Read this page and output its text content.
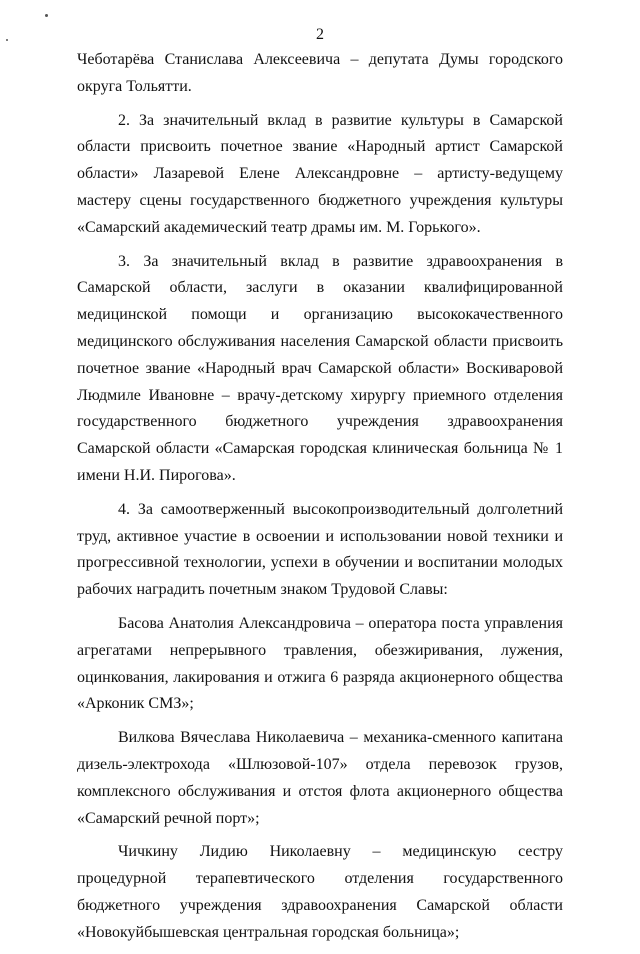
2

Чеботарёва Станислава Алексеевича – депутата Думы городского округа Тольятти.

2. За значительный вклад в развитие культуры в Самарской области присвоить почетное звание «Народный артист Самарской области» Лазаревой Елене Александровне – артисту-ведущему мастеру сцены государственного бюджетного учреждения культуры «Самарский академический театр драмы им. М. Горького».

3. За значительный вклад в развитие здравоохранения в Самарской области, заслуги в оказании квалифицированной медицинской помощи и организацию высококачественного медицинского обслуживания населения Самарской области присвоить почетное звание «Народный врач Самарской области» Воскиваровой Людмиле Ивановне – врачу-детскому хирургу приемного отделения государственного бюджетного учреждения здравоохранения Самарской области «Самарская городская клиническая больница № 1 имени Н.И. Пирогова».

4. За самоотверженный высокопроизводительный долголетний труд, активное участие в освоении и использовании новой техники и прогрессивной технологии, успехи в обучении и воспитании молодых рабочих наградить почетным знаком Трудовой Славы:

Басова Анатолия Александровича – оператора поста управления агрегатами непрерывного травления, обезжиривания, лужения, оцинкования, лакирования и отжига 6 разряда акционерного общества «Арконик СМЗ»;

Вилкова Вячеслава Николаевича – механика-сменного капитана дизель-электрохода «Шлюзовой-107» отдела перевозок грузов, комплексного обслуживания и отстоя флота акционерного общества «Самарский речной порт»;

Чичкину Лидию Николаевну – медицинскую сестру процедурной терапевтического отделения государственного бюджетного учреждения здравоохранения Самарской области «Новокуйбышевская центральная городская больница»;
